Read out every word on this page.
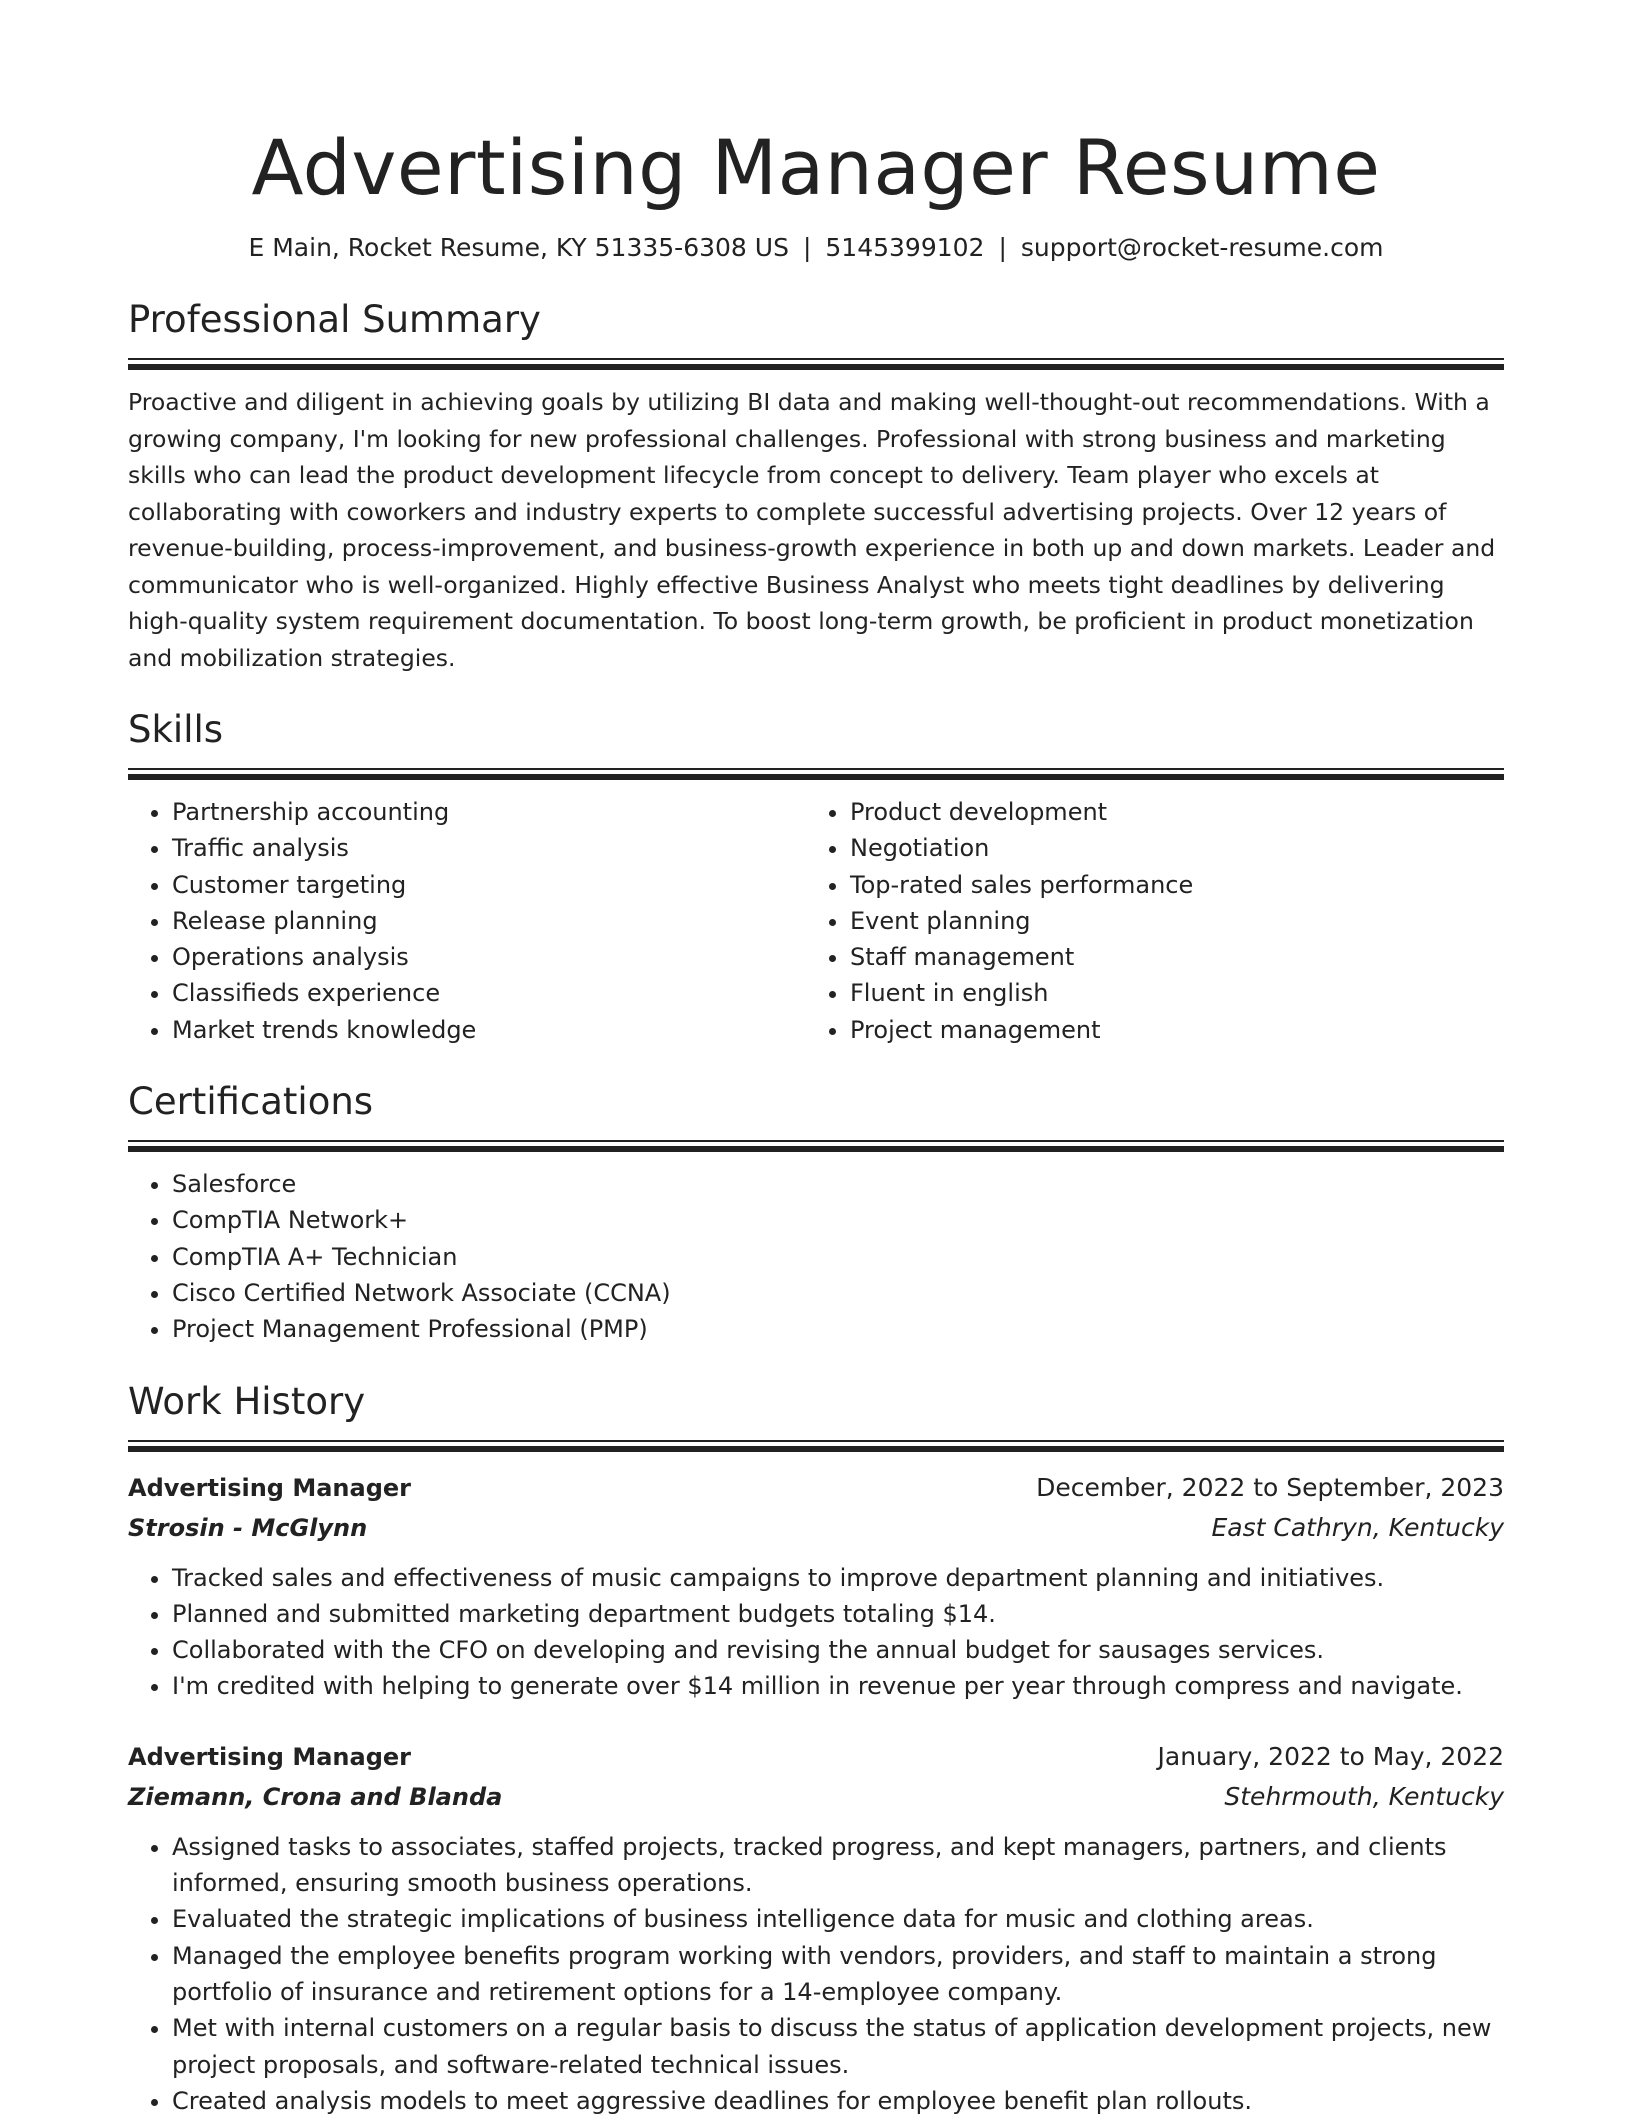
Advertising Manager Resume
E Main, Rocket Resume, KY 51335-6308 US | 5145399102 | support@rocket-resume.com
Professional Summary
Proactive and diligent in achieving goals by utilizing BI data and making well-thought-out recommendations. With a growing company, I'm looking for new professional challenges. Professional with strong business and marketing skills who can lead the product development lifecycle from concept to delivery. Team player who excels at collaborating with coworkers and industry experts to complete successful advertising projects. Over 12 years of revenue-building, process-improvement, and business-growth experience in both up and down markets. Leader and communicator who is well-organized. Highly effective Business Analyst who meets tight deadlines by delivering high-quality system requirement documentation. To boost long-term growth, be proficient in product monetization and mobilization strategies.
Skills
• Partnership accounting
• Traffic analysis
• Customer targeting
• Release planning
• Operations analysis
• Classifieds experience
• Market trends knowledge
• Product development
• Negotiation
• Top-rated sales performance
• Event planning
• Staff management
• Fluent in english
• Project management
Certifications
• Salesforce
• CompTIA Network+
• CompTIA A+ Technician
• Cisco Certified Network Associate (CCNA)
• Project Management Professional (PMP)
Work History
Advertising Manager	December, 2022 to September, 2023
Strosin - McGlynn	East Cathryn, Kentucky
• Tracked sales and effectiveness of music campaigns to improve department planning and initiatives.
• Planned and submitted marketing department budgets totaling $14.
• Collaborated with the CFO on developing and revising the annual budget for sausages services.
• I'm credited with helping to generate over $14 million in revenue per year through compress and navigate.
Advertising Manager	January, 2022 to May, 2022
Ziemann, Crona and Blanda	Stehrmouth, Kentucky
• Assigned tasks to associates, staffed projects, tracked progress, and kept managers, partners, and clients informed, ensuring smooth business operations.
• Evaluated the strategic implications of business intelligence data for music and clothing areas.
• Managed the employee benefits program working with vendors, providers, and staff to maintain a strong portfolio of insurance and retirement options for a 14-employee company.
• Met with internal customers on a regular basis to discuss the status of application development projects, new project proposals, and software-related technical issues.
• Created analysis models to meet aggressive deadlines for employee benefit plan rollouts.
